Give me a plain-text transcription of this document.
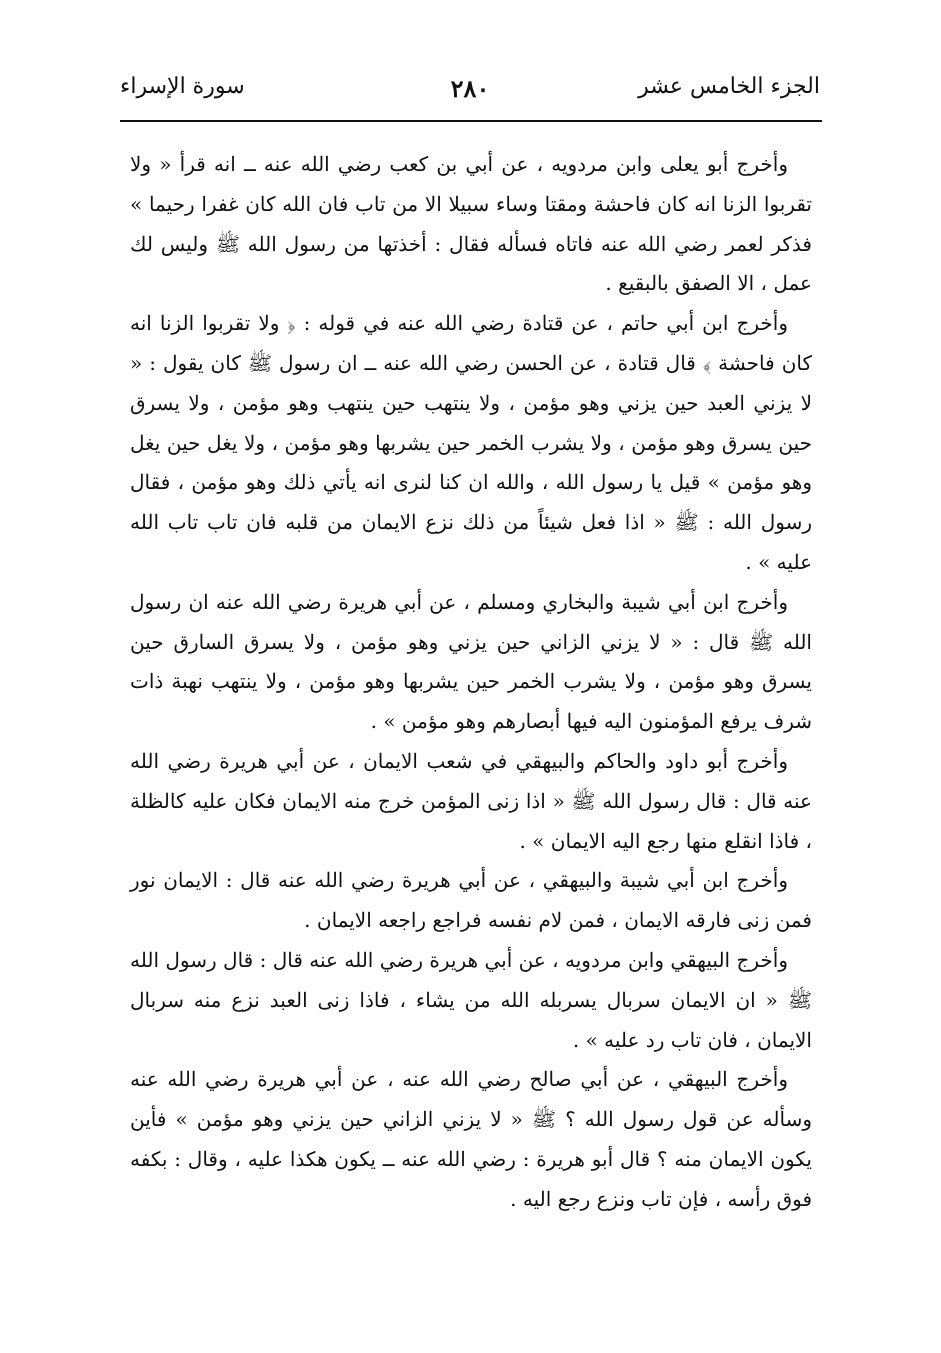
الجزء الخامس عشر
٢٨٠
سورة الإسراء

وأخرج أبو يعلى وابن مردويه ، عن أبي بن كعب رضي الله عنه ــ انه قرأ « ولا تقربوا الزنا انه كان فاحشة ومقتا وساء سبيلا الا من تاب فان الله كان غفرا رحيما » فذكر لعمر رضي الله عنه فاتاه فسأله فقال : أخذتها من رسول الله ﷺ وليس لك عمل ، الا الصفق بالبقيع .

وأخرج ابن أبي حاتم ، عن قتادة رضي الله عنه في قوله : ﴿ ولا تقربوا الزنا انه كان فاحشة ﴾ قال قتادة ، عن الحسن رضي الله عنه ــ ان رسول ﷺ كان يقول : « لا يزني العبد حين يزني وهو مؤمن ، ولا ينتهب حين ينتهب وهو مؤمن ، ولا يسرق حين يسرق وهو مؤمن ، ولا يشرب الخمر حين يشربها وهو مؤمن ، ولا يغل حين يغل وهو مؤمن » قيل يا رسول الله ، والله ان كنا لنرى انه يأتي ذلك وهو مؤمن ، فقال رسول الله : ﷺ « اذا فعل شيئاً من ذلك نزع الايمان من قلبه فان تاب تاب الله عليه » .

وأخرج ابن أبي شيبة والبخاري ومسلم ، عن أبي هريرة رضي الله عنه ان رسول الله ﷺ قال : « لا يزني الزاني حين يزني وهو مؤمن ، ولا يسرق السارق حين يسرق وهو مؤمن ، ولا يشرب الخمر حين يشربها وهو مؤمن ، ولا ينتهب نهبة ذات شرف يرفع المؤمنون اليه فيها أبصارهم وهو مؤمن » .

وأخرج أبو داود والحاكم والبيهقي في شعب الايمان ، عن أبي هريرة رضي الله عنه قال : قال رسول الله ﷺ « اذا زنى المؤمن خرج منه الايمان فكان عليه كالظلة ، فاذا انقلع منها رجع اليه الايمان » .

وأخرج ابن أبي شيبة والبيهقي ، عن أبي هريرة رضي الله عنه قال : الايمان نور فمن زنى فارقه الايمان ، فمن لام نفسه فراجع راجعه الايمان .

وأخرج البيهقي وابن مردويه ، عن أبي هريرة رضي الله عنه قال : قال رسول الله ﷺ « ان الايمان سربال يسربله الله من يشاء ، فاذا زنى العبد نزع منه سربال الايمان ، فان تاب رد عليه » .

وأخرج البيهقي ، عن أبي صالح رضي الله عنه ، عن أبي هريرة رضي الله عنه وسأله عن قول رسول الله ؟ ﷺ « لا يزني الزاني حين يزني وهو مؤمن » فأين يكون الايمان منه ؟ قال أبو هريرة : رضي الله عنه ــ يكون هكذا عليه ، وقال : بكفه فوق رأسه ، فإن تاب ونزع رجع اليه .
